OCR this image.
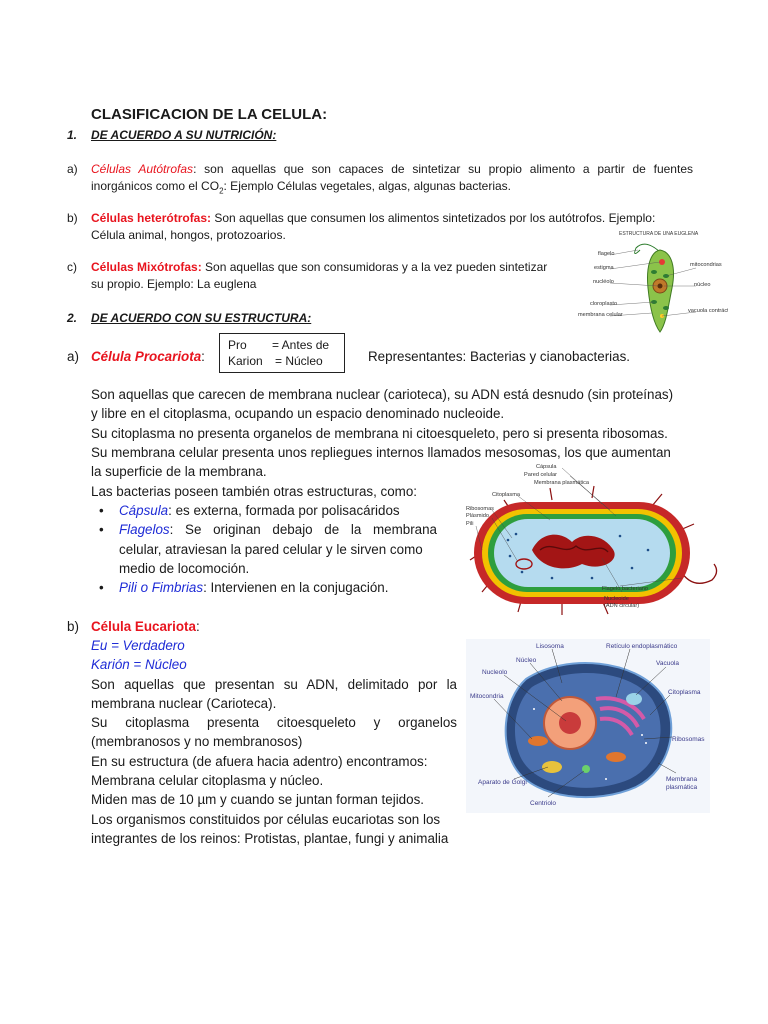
CLASIFICACION DE LA CELULA:
1. DE ACUERDO A SU NUTRICIÓN:
a) Células Autótrofas: son aquellas que son capaces de sintetizar su propio alimento a partir de fuentes
inorgánicos como el $CO_2$: Ejemplo Células vegetales, algas, algunas bacterias.
b) Células heterótrofas: Son aquellas que consumen los alimentos sintetizados por los autótrofos. Ejemplo:
Célula animal, hongos, protozoarios.
c) Células Mixótrofas: Son aquellas que son consumidoras y a la vez pueden sintetizar
su propio. Ejemplo: La euglena
ESTRUCTURA DE UNA EUGLENA
flagelo
estigma
nucléolo
cloroplasto
membrana celular
mitocondrias
núcleo
vacuola contráctil
2. DE ACUERDO CON SU ESTRUCTURA:
a) Célula Procariota:
Pro = Antes de
Karion = Núcleo	Representantes: Bacterias y cianobacterias.
Son aquellas que carecen de membrana nuclear (carioteca), su ADN está desnudo (sin proteínas)
y libre en el citoplasma, ocupando un espacio denominado nucleoide.
Su citoplasma no presenta organelos de membrana ni citoesqueleto, pero si presenta ribosomas.
Su membrana celular presenta unos repliegues internos llamados mesosomas, los que aumentan
la superficie de la membrana.
Las bacterias poseen también otras estructuras, como:
• Cápsula: es externa, formada por polisacáridos
• Flagelos: Se originan debajo de la membrana
celular, atraviesan la pared celular y le sirven como
medio de locomoción.
• Pili o Fimbrias: Intervienen en la conjugación.
Cápsula
Pared celular
Membrana plasmática
Citoplasma
Ribosomas
Plásmido
Pili
Flagelo bacteriano
Nucleoide
(ADN circular)
b) Célula Eucariota:
Eu = Verdadero
Karión = Núcleo
Son aquellas que presentan su ADN, delimitado por la
membrana nuclear (Carioteca).
Su citoplasma presenta citoesqueleto y organelos
(membranosos y no membranosos)
En su estructura (de afuera hacia adentro) encontramos:
Membrana celular citoplasma y núcleo.
Miden mas de 10 µm y cuando se juntan forman tejidos.
Los organismos constituidos por células eucariotas son los
integrantes de los reinos: Protistas, plantae, fungi y animalia
Lisosoma	Retículo endoplasmático
Núcleo	Vacuola
Nucleolo
Citoplasma
Mitocondria
Ribosomas
Aparato de Golgi
Centriolo
Membrana
plasmática
